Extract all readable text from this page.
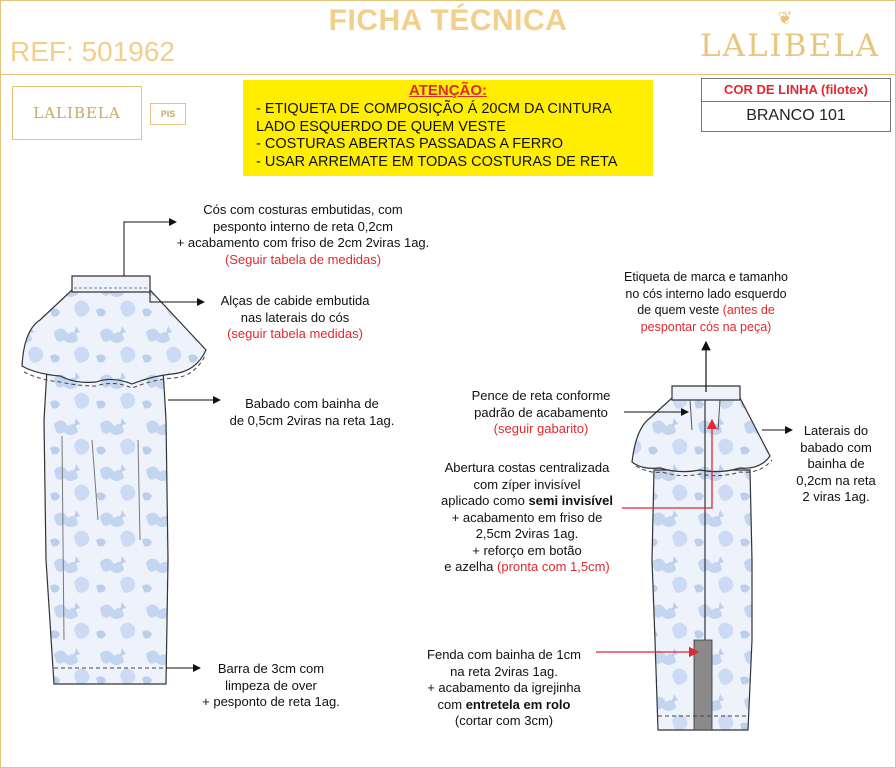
FICHA TÉCNICA
REF: 501962
❦
LALIBELA
LALIBELA	PIS
ATENÇÃO:
- ETIQUETA DE COMPOSIÇÃO Á 20CM DA CINTURA
LADO ESQUERDO DE QUEM VESTE
- COSTURAS ABERTAS PASSADAS A FERRO
- USAR ARREMATE EM TODAS COSTURAS DE RETA
COR DE LINHA (filotex)
BRANCO 101
Cós com costuras embutidas, com
pesponto interno de reta 0,2cm
+ acabamento com friso de 2cm 2viras 1ag.
(Seguir tabela de medidas)
Alças de cabide embutida
nas laterais do cós
(seguir tabela medidas)
Babado com bainha de
de 0,5cm 2viras na reta 1ag.
Barra de 3cm com
limpeza de over
+ pesponto de reta 1ag.
Etiqueta de marca e tamanho
no cós interno lado esquerdo
de quem veste (antes de
pespontar cós na peça)
Pence de reta conforme
padrão de acabamento
(seguir gabarito)	Laterais do
babado com
bainha de
0,2cm na reta
2 viras 1ag.
Abertura costas centralizada
com zíper invisível
aplicado como semi invisível
+ acabamento em friso de
2,5cm 2viras 1ag.
+ reforço em botão
e azelha (pronta com 1,5cm)
Fenda com bainha de 1cm
na reta 2viras 1ag.
+ acabamento da igrejinha
com entretela em rolo
(cortar com 3cm)
